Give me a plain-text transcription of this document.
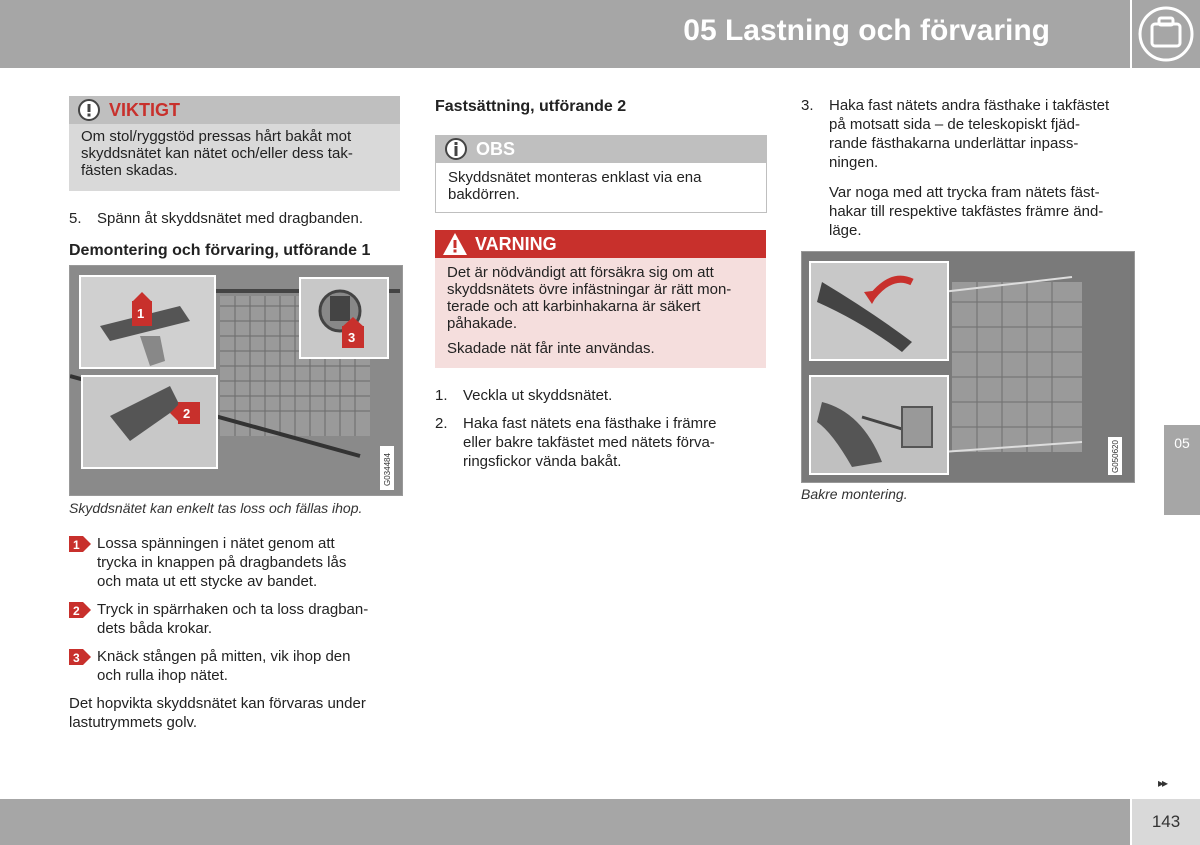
05 Lastning och förvaring
VIKTIGT
Om stol/ryggstöd pressas hårt bakåt mot
skyddsnätet kan nätet och/eller dess tak-
fästen skadas.
5. Spänn åt skyddsnätet med dragbanden.
Demontering och förvaring, utförande 1
1
2
3
G034484
Skyddsnätet kan enkelt tas loss och fällas ihop.
1 Lossa spänningen i nätet genom att
trycka in knappen på dragbandets lås
och mata ut ett stycke av bandet.
2 Tryck in spärrhaken och ta loss dragban-
dets båda krokar.
3 Knäck stången på mitten, vik ihop den
och rulla ihop nätet.
Det hopvikta skyddsnätet kan förvaras under
lastutrymmets golv.
Fastsättning, utförande 2
OBS
Skyddsnätet monteras enklast via ena
bakdörren.
VARNING
Det är nödvändigt att försäkra sig om att
skyddsnätets övre infästningar är rätt mon-
terade och att karbinhakarna är säkert
påhakade.
Skadade nät får inte användas.
1. Veckla ut skyddsnätet.
2. Haka fast nätets ena fästhake i främre
eller bakre takfästet med nätets förva-
ringsfickor vända bakåt.
3. Haka fast nätets andra fästhake i takfästet
på motsatt sida – de teleskopiskt fjäd-
rande fästhakarna underlättar inpass-
ningen.
Var noga med att trycka fram nätets fäst-
hakar till respektive takfästes främre änd-
läge.
G050620
Bakre montering.
05
▸▸
143
